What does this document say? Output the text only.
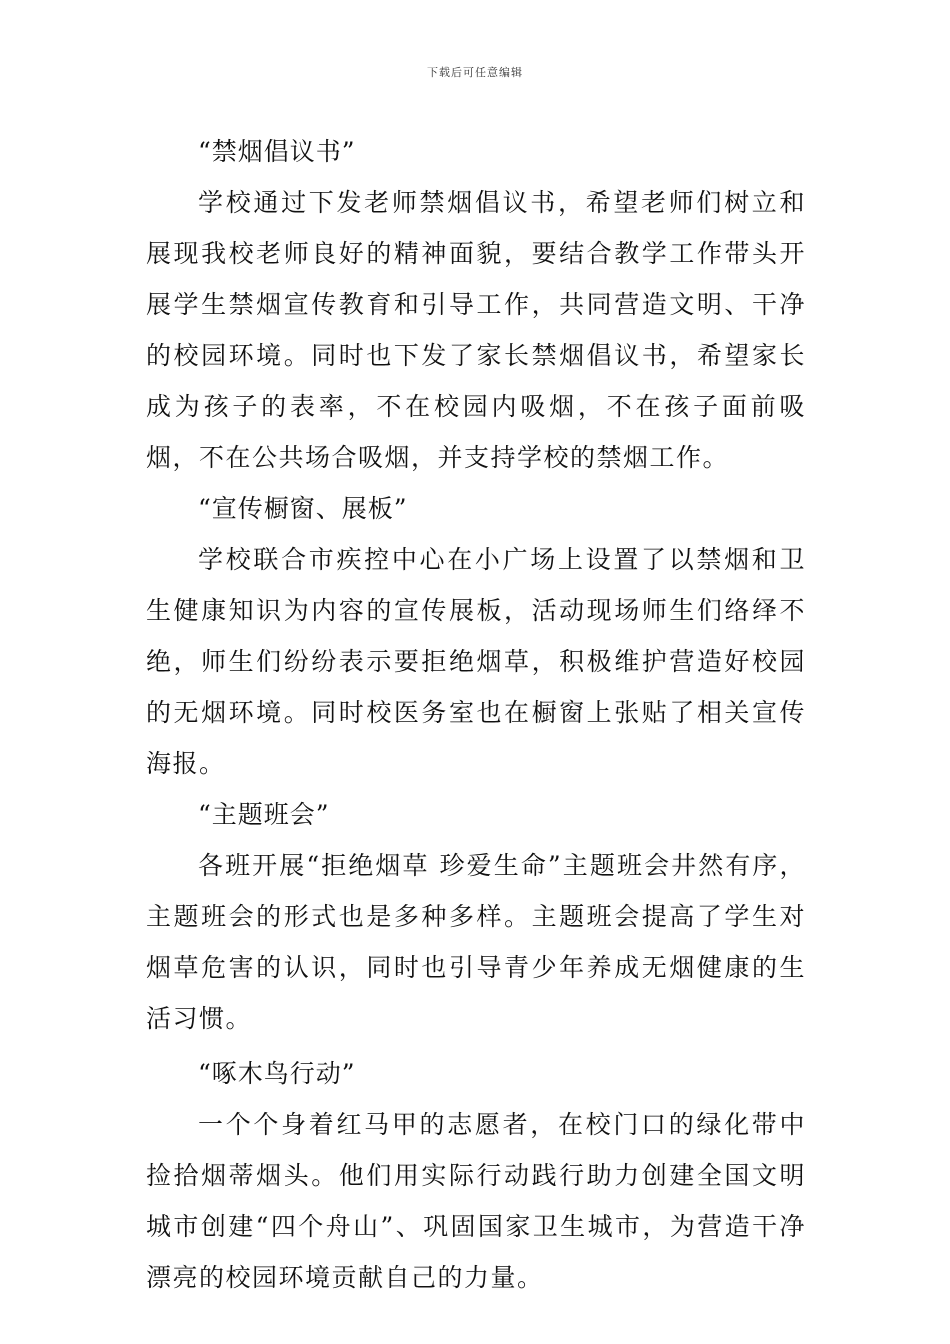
下载后可任意编辑

“禁烟倡议书”

学校通过下发老师禁烟倡议书，希望老师们树立和展现我校老师良好的精神面貌，要结合教学工作带头开展学生禁烟宣传教育和引导工作，共同营造文明、干净的校园环境。同时也下发了家长禁烟倡议书，希望家长成为孩子的表率，不在校园内吸烟，不在孩子面前吸烟，不在公共场合吸烟，并支持学校的禁烟工作。

“宣传橱窗、展板”

学校联合市疾控中心在小广场上设置了以禁烟和卫生健康知识为内容的宣传展板，活动现场师生们络绎不绝，师生们纷纷表示要拒绝烟草，积极维护营造好校园的无烟环境。同时校医务室也在橱窗上张贴了相关宣传海报。

“主题班会”

各班开展“拒绝烟草 珍爱生命”主题班会井然有序，主题班会的形式也是多种多样。主题班会提高了学生对烟草危害的认识，同时也引导青少年养成无烟健康的生活习惯。

“啄木鸟行动”

一个个身着红马甲的志愿者，在校门口的绿化带中捡拾烟蒂烟头。他们用实际行动践行助力创建全国文明城市创建“四个舟山”、巩固国家卫生城市，为营造干净漂亮的校园环境贡献自己的力量。
